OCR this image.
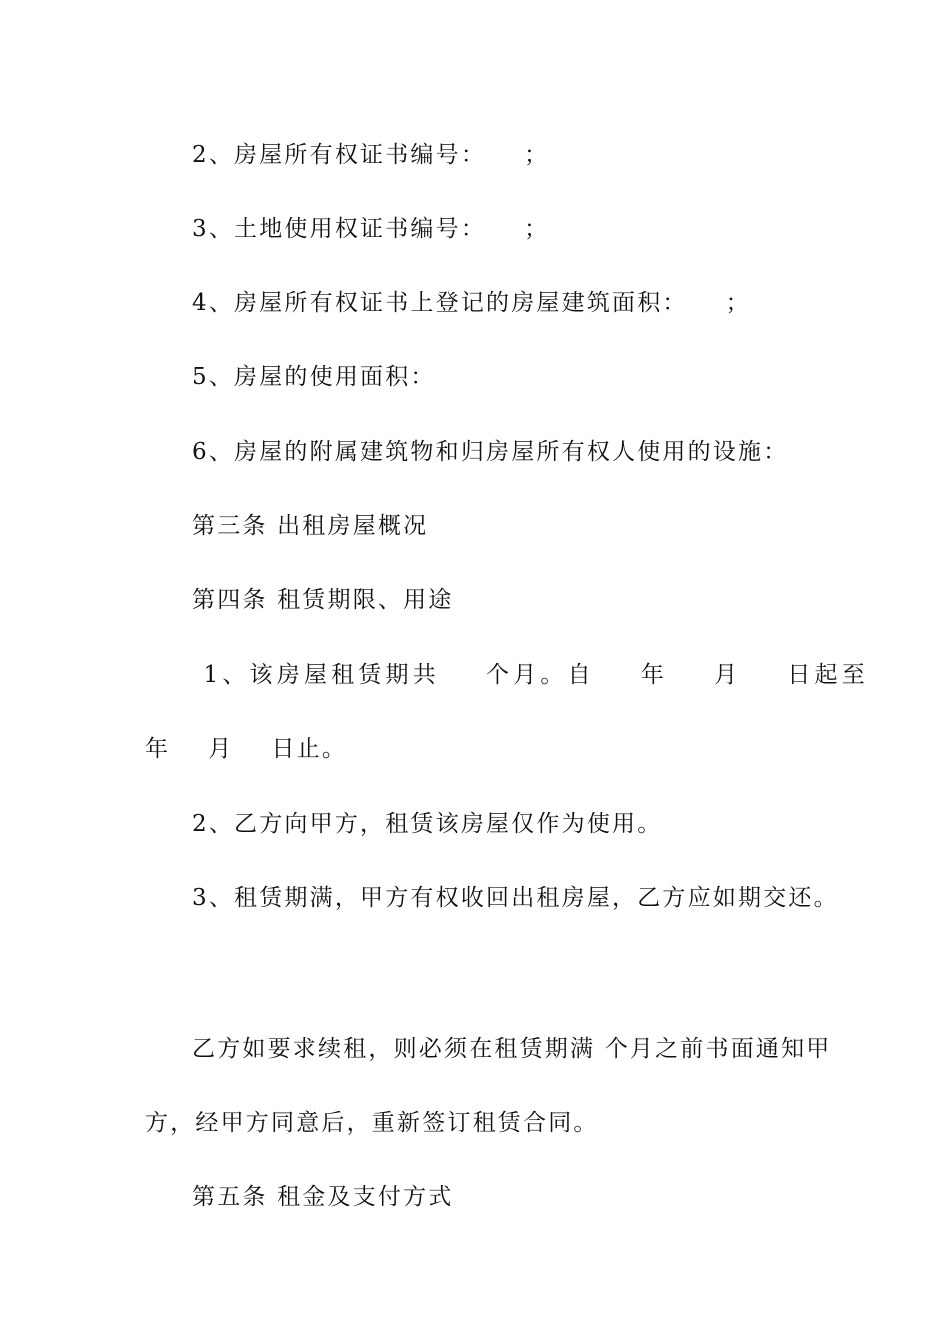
2、房屋所有权证书编号：    ；

3、土地使用权证书编号：    ；

4、房屋所有权证书上登记的房屋建筑面积：    ；

5、房屋的使用面积：

6、房屋的附属建筑物和归房屋所有权人使用的设施：

第三条 出租房屋概况

第四条 租赁期限、用途

1、该房屋租赁期共    个月。自    年    月    日起至

年    月    日止。

2、乙方向甲方，租赁该房屋仅作为使用。

3、租赁期满，甲方有权收回出租房屋，乙方应如期交还。

乙方如要求续租，则必须在租赁期满 个月之前书面通知甲

方，经甲方同意后，重新签订租赁合同。

第五条 租金及支付方式
